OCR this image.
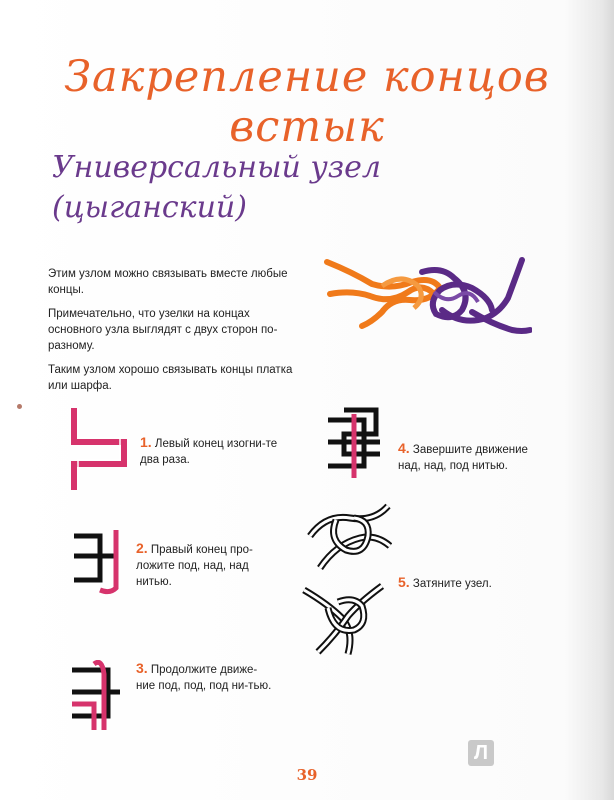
Закрепление концов встык
Универсальный узел
(цыганский)
Этим узлом можно связывать вместе любые концы.
Примечательно, что узелки на концах основного узла выглядят с двух сторон по-разному.
Таким узлом хорошо связывать концы платка или шарфа.
1. Левый конец изогни-те два раза.
2. Правый конец про-ложите под, над, над нитью.
3. Продолжите движе-ние под, под, под ни-тью.
4. Завершите движение над, над, под нитью.
5. Затяните узел.
39
Л
